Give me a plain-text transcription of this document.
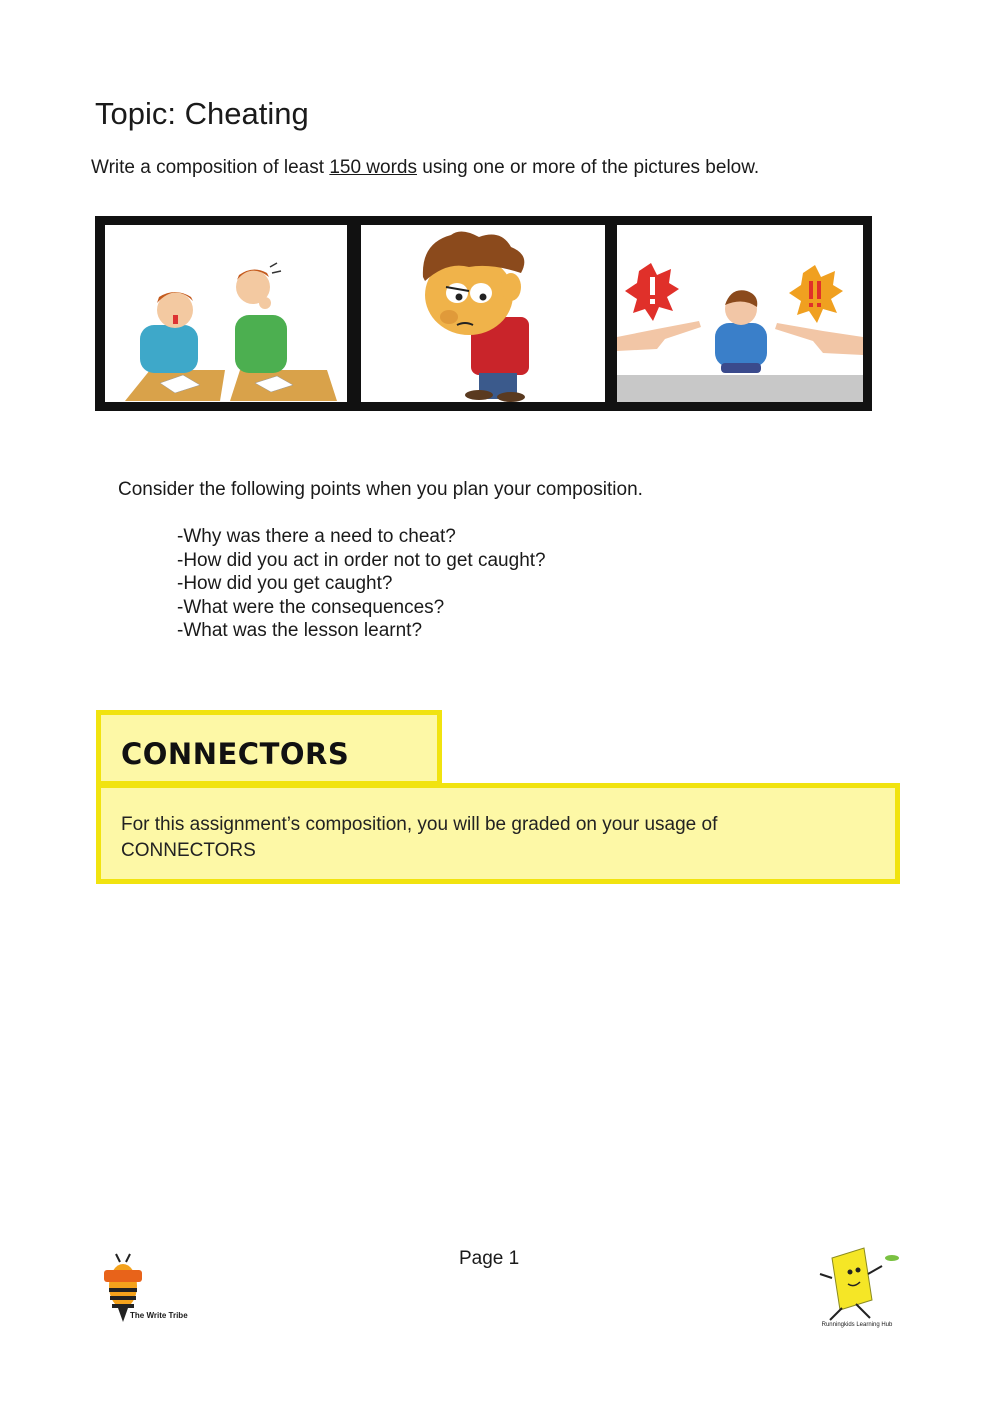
Topic: Cheating
Write a composition of least 150 words using one or more of the pictures below.
Consider the following points when you plan your composition.
-Why was there a need to cheat?
-How did you act in order not to get caught?
-How did you get caught?
-What were the consequences?
-What was the lesson learnt?
CONNECTORS
For this assignment’s composition, you will be graded on your usage of CONNECTORS
Page 1
The Write Tribe
Runningkids Learning Hub
